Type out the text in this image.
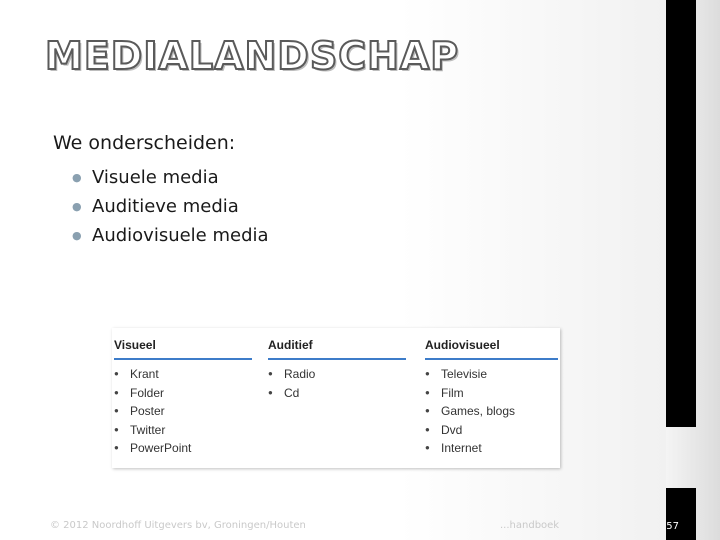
MEDIALANDSCHAP

We onderscheiden:

● Visuele media
● Auditieve media
● Audiovisuele media
Visueel
● Krant
● Folder
● Poster
● Twitter
● PowerPoint
Auditief
● Radio
● Cd
Audiovisueel
● Televisie
● Film
● Games, blogs
● Dvd
● Internet
© 2012 Noordhoff Uitgevers bv, Groningen/Houten	...handboek	57
